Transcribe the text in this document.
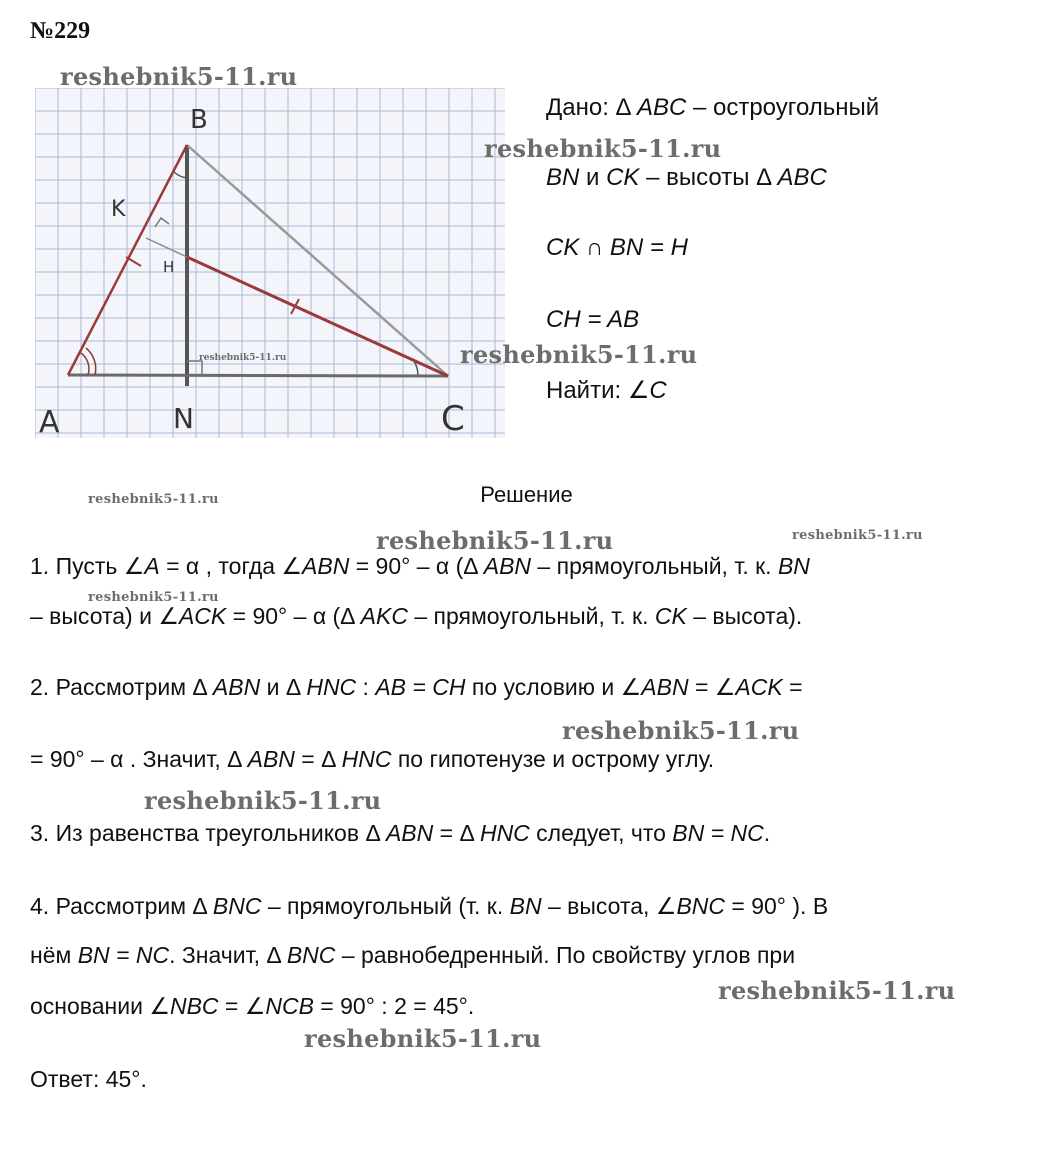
№229
B
K
H
A	N	C
reshebnik5-11.ru
Дано: Δ ABC – остроугольный
BN и CK – высоты Δ ABC
CK ∩ BN = H
CH = AB
Найти: ∠C
reshebnik5-11.ru
reshebnik5-11.ru
reshebnik5-11.ru
reshebnik5-11.ru
reshebnik5-11.ru	reshebnik5-11.ru
reshebnik5-11.ru
reshebnik5-11.ru
reshebnik5-11.ru
reshebnik5-11.ru
reshebnik5-11.ru
Решение
1. Пусть ∠A = α , тогда ∠ABN = 90° – α (Δ ABN – прямоугольный, т. к. BN
– высота) и ∠ACK = 90° – α (Δ AKC – прямоугольный, т. к. CK – высота).
2. Рассмотрим Δ ABN и Δ HNC : AB = CH по условию и ∠ABN = ∠ACK =
= 90° – α . Значит, Δ ABN = Δ HNC по гипотенузе и острому углу.
3. Из равенства треугольников Δ ABN = Δ HNC следует, что BN = NC.
4. Рассмотрим Δ BNC – прямоугольный (т. к. BN – высота, ∠BNC = 90° ). В
нём BN = NC. Значит, Δ BNC – равнобедренный. По свойству углов при
основании ∠NBC = ∠NCB = 90° : 2 = 45°.
Ответ: 45°.
